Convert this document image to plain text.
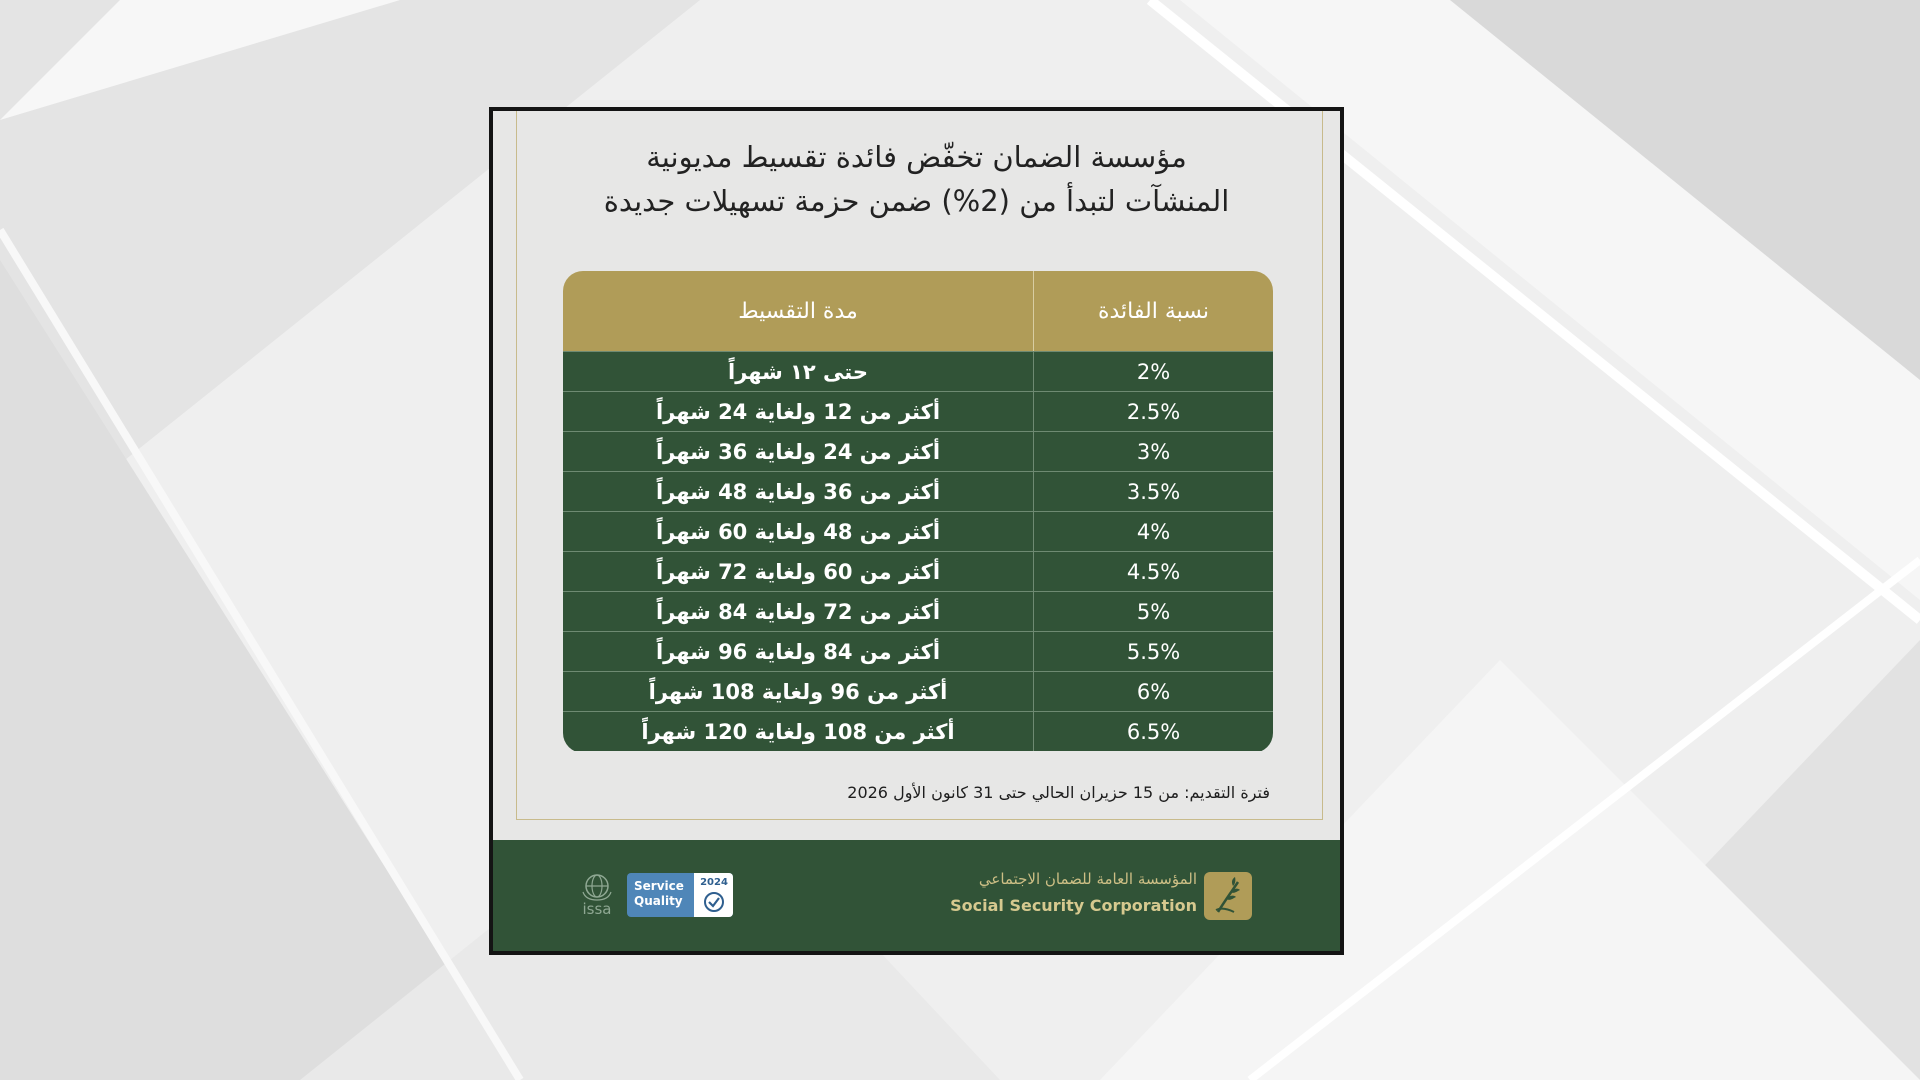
مؤسسة الضمان تخفّض فائدة تقسيط مديونية
المنشآت لتبدأ من (2%) ضمن حزمة تسهيلات جديدة
نسبة الفائدة
مدة التقسيط
2%
حتى ١٢ شهراً
2.5%
أكثر من 12 ولغاية 24 شهراً
3%
أكثر من 24 ولغاية 36 شهراً
3.5%
أكثر من 36 ولغاية 48 شهراً
4%
أكثر من 48 ولغاية 60 شهراً
4.5%
أكثر من 60 ولغاية 72 شهراً
5%
أكثر من 72 ولغاية 84 شهراً
5.5%
أكثر من 84 ولغاية 96 شهراً
6%
أكثر من 96 ولغاية 108 شهراً
6.5%
أكثر من 108 ولغاية 120 شهراً
فترة التقديم: من 15 حزيران الحالي حتى 31 كانون الأول 2026
المؤسسة العامة للضمان الاجتماعي
Social Security Corporation
Service Quality
2024
issa
